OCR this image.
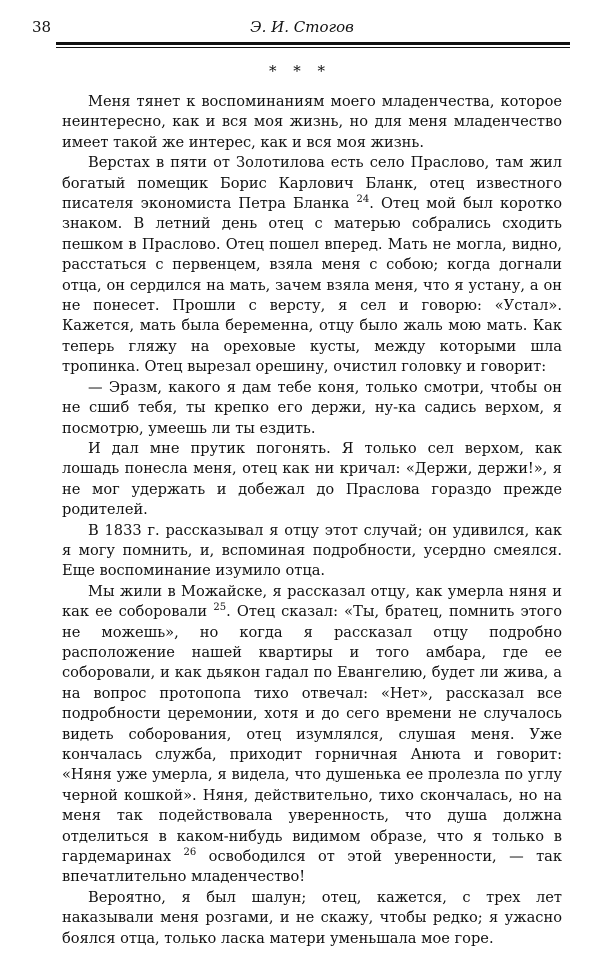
38	Э. И. Стогов
* * *

Меня тянет к воспоминаниям моего младенчества, которое неинтересно, как и вся моя жизнь, но для меня младенчество имеет такой же интерес, как и вся моя жизнь.

Верстах в пяти от Золотилова есть село Праслово, там жил богатый помещик Борис Карлович Бланк, отец известного писателя экономиста Петра Бланка $^{24}$. Отец мой был коротко знаком. В летний день отец с матерью собрались сходить пешком в Праслово. Отец пошел вперед. Мать не могла, видно, расстаться с первенцем, взяла меня с собою; когда догнали отца, он сердился на мать, зачем взяла меня, что я устану, а он не понесет. Прошли с версту, я сел и говорю: «Устал». Кажется, мать была беременна, отцу было жаль мою мать. Как теперь гляжу на ореховые кусты, между которыми шла тропинка. Отец вырезал орешину, очистил головку и говорит:

— Эразм, какого я дам тебе коня, только смотри, чтобы он не сшиб тебя, ты крепко его держи, ну-ка садись верхом, я посмотрю, умеешь ли ты ездить.

И дал мне прутик погонять. Я только сел верхом, как лошадь понесла меня, отец как ни кричал: «Держи, держи!», я не мог удержать и добежал до Праслова гораздо прежде родителей.

В 1833 г. рассказывал я отцу этот случай; он удивился, как я могу помнить, и, вспоминая подробности, усердно смеялся. Еще воспоминание изумило отца.

Мы жили в Можайске, я рассказал отцу, как умерла няня и как ее соборовали $^{25}$. Отец сказал: «Ты, братец, помнить этого не можешь», но когда я рассказал отцу подробно расположение нашей квартиры и того амбара, где ее соборовали, и как дьякон гадал по Евангелию, будет ли жива, а на вопрос протопопа тихо отвечал: «Нет», рассказал все подробности церемонии, хотя и до сего времени не случалось видеть соборования, отец изумлялся, слушая меня. Уже кончалась служба, приходит горничная Анюта и говорит: «Няня уже умерла, я видела, что душенька ее пролезла по углу черной кошкой». Няня, действительно, тихо скончалась, но на меня так подействовала уверенность, что душа должна отделиться в каком-нибудь видимом образе, что я только в гардемаринах $^{26}$ освободился от этой уверенности, — так впечатлительно младенчество!

Вероятно, я был шалун; отец, кажется, с трех лет наказывали меня розгами, и не скажу, чтобы редко; я ужасно боялся отца, только ласка матери уменьшала мое горе.
